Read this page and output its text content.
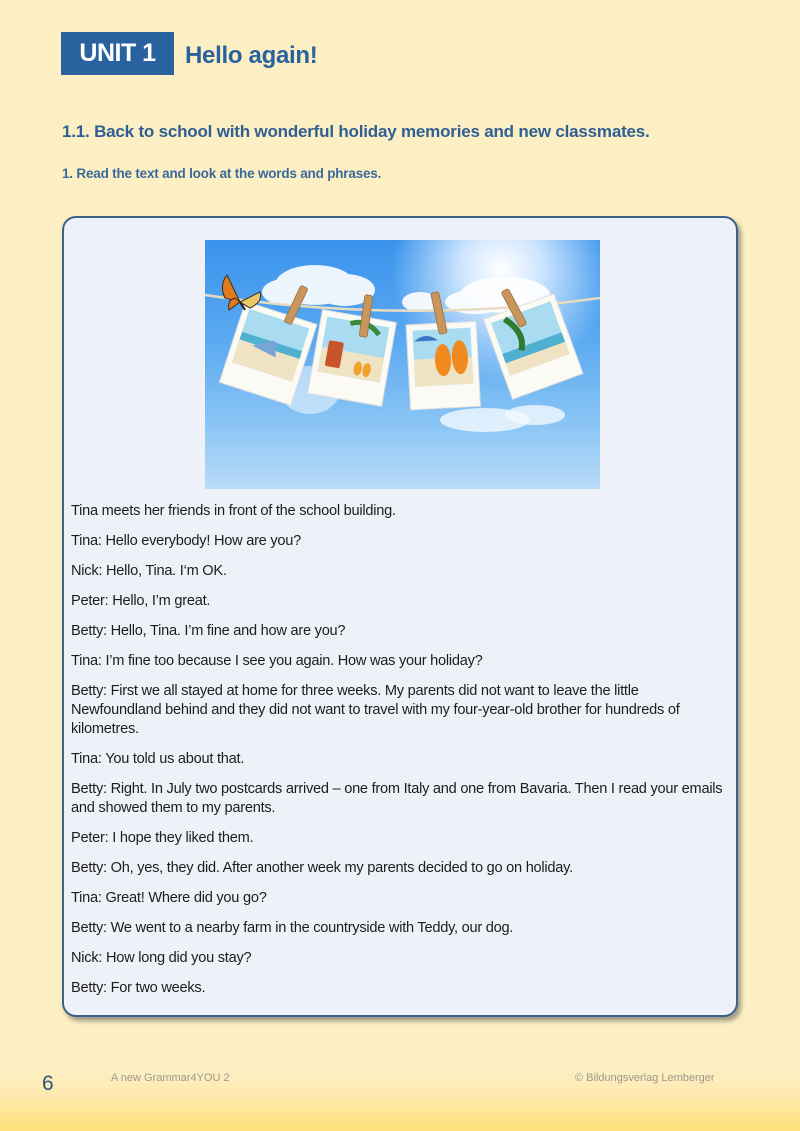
UNIT 1	Hello again!
1.1. Back to school with wonderful holiday memories and new classmates.
1. Read the text and look at the words and phrases.

Tina meets her friends in front of the school building.

Tina: Hello everybody! How are you?

Nick: Hello, Tina. I‘m OK.

Peter: Hello, I’m great.

Betty: Hello, Tina. I’m fine and how are you?

Tina: I’m fine too because I see you again. How was your holiday?

Betty: First we all stayed at home for three weeks. My parents did not want to leave the little Newfoundland behind and they did not want to travel with my four-year-old brother for hundreds of kilometres.

Tina: You told us about that.

Betty: Right. In July two postcards arrived – one from Italy and one from Bavaria. Then I read your emails and showed them to my parents.

Peter: I hope they liked them.

Betty: Oh, yes, they did. After another week my parents decided to go on holiday.

Tina: Great! Where did you go?

Betty: We went to a nearby farm in the countryside with Teddy, our dog.

Nick: How long did you stay?

Betty: For two weeks.

6	A new Grammar4YOU 2	© Bildungsverlag Lemberger
